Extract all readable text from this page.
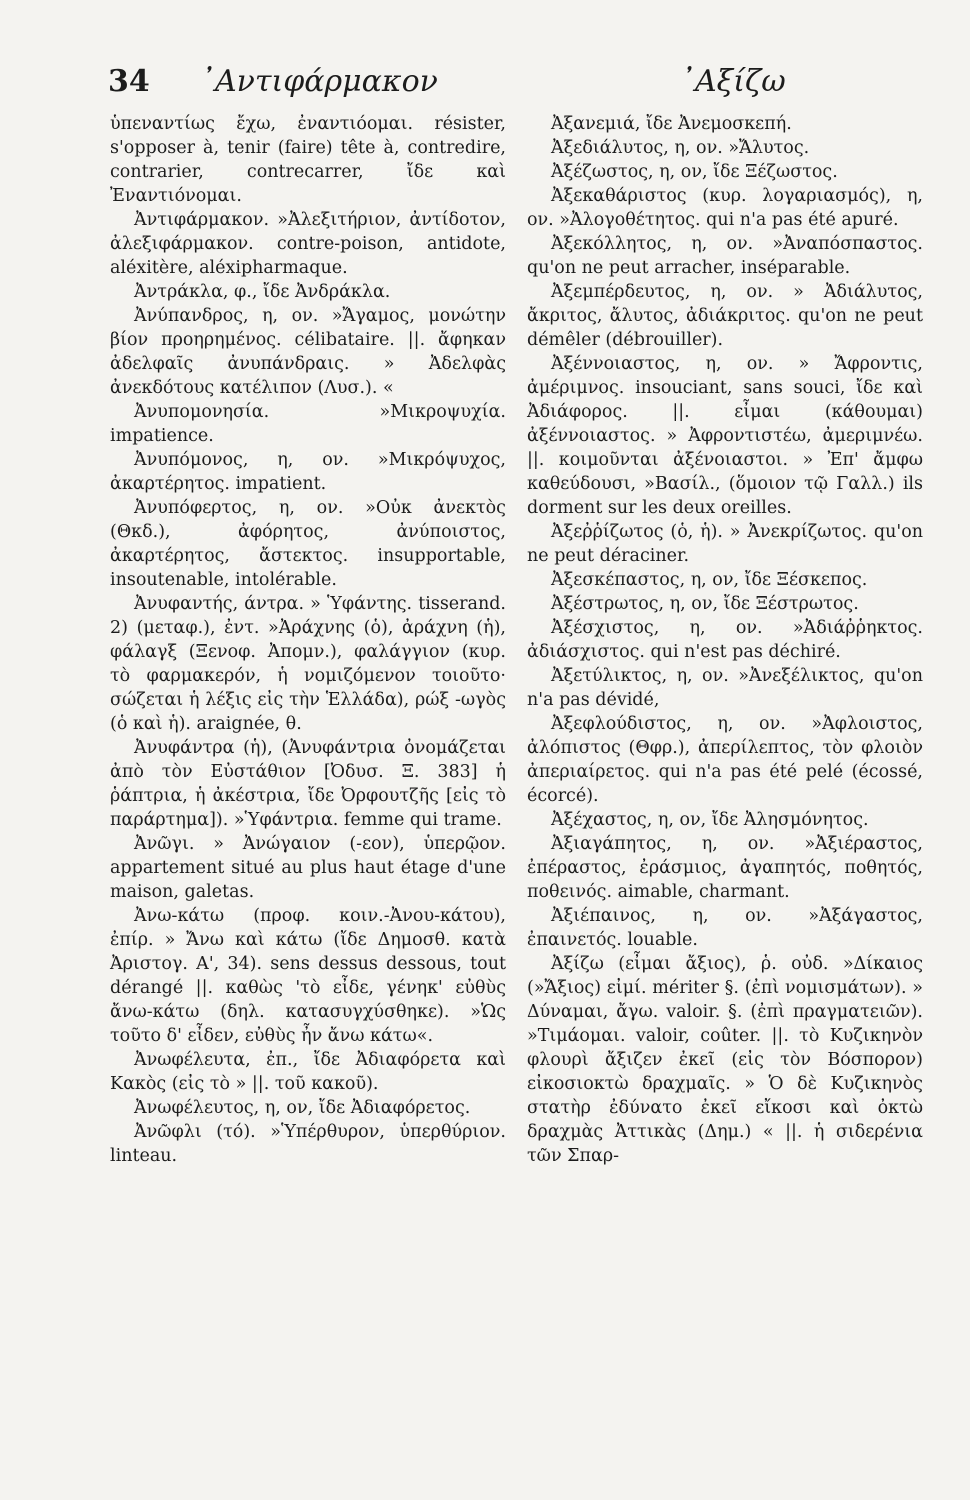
34 ᾽Αντιφάρμακον	᾽Αξίζω

ὑπεναντίως ἔχω, ἐναντιόομαι. résister, s'opposer à, tenir (faire) tête à, contredire, contrarier, contrecarrer, ἴδε καὶ Ἐναντιόνομαι.

Ἀντιφάρμακον. »Ἀλεξιτήριον, ἀντίδοτον, ἀλεξιφάρμακον. contre-poison, antidote, aléxitère, aléxipharmaque.

Ἀντράκλα, φ., ἴδε Ἀνδράκλα.

Ἀνύπανδρος, η, ον. »Ἄγαμος, μονώτην βίον προηρημένος. célibataire. ||. ἄφηκαν ἀδελφαῖς ἀνυπάνδραις. » Ἀδελφὰς ἀνεκδότους κατέλιπον (Λυσ.). «

Ἀνυπομονησία. »Μικροψυχία. impatience.

Ἀνυπόμονος, η, ον. »Μικρόψυχος, ἀκαρτέρητος. impatient.

Ἀνυπόφερτος, η, ον. »Οὐκ ἀνεκτὸς (Θκδ.), ἀφόρητος, ἀνύποιστος, ἀκαρτέρητος, ἄστεκτος. insupportable, insoutenable, intolérable.

Ἀνυφαντής, άντρα. » Ὑφάντης. tisserand. 2) (μεταφ.), ἐντ. »Ἀράχνης (ὁ), ἀράχνη (ἡ), φάλαγξ (Ξενοφ. Ἀπομν.), φαλάγγιον (κυρ. τὸ φαρμακερόν, ἡ νομιζόμενον τοιοῦτο· σώζεται ἡ λέξις εἰς τὴν Ἑλλάδα), ρώξ -ωγὸς (ὁ καὶ ἡ). araignée, θ.

Ἀνυφάντρα (ἡ), (Ἀνυφάντρια ὀνομάζεται ἀπὸ τὸν Εὐστάθιον [Ὀδυσ. Ξ. 383] ἡ ῥάπτρια, ἡ ἀκέστρια, ἴδε Ὀρφουτζῆς [εἰς τὸ παράρτημα]). »Ὑφάντρια. femme qui trame.

Ἀνῶγι. » Ἀνώγαιον (-εον), ὑπερῷον. appartement situé au plus haut étage d'une maison, galetas.

Ἀνω-κάτω (προφ. κοιν.-Ἀνου-κάτου), ἐπίρ. » Ἄνω καὶ κάτω (ἴδε Δημοσθ. κατὰ Ἀριστογ. Α', 34). sens dessus dessous, tout dérangé ||. καθὼς 'τὸ εἶδε, γένηκ' εὐθὺς ἄνω-κάτω (δηλ. κατασυγχύσθηκε). »Ὡς τοῦτο δ' εἶδεν, εὐθὺς ἦν ἄνω κάτω«.

Ἀνωφέλευτα, ἐπ., ἴδε Ἀδιαφόρετα καὶ Κακὸς (εἰς τὸ » ||. τοῦ κακοῦ).

Ἀνωφέλευτος, η, ον, ἴδε Ἀδιαφόρετος.

Ἀνῶφλι (τό). »Ὑπέρθυρον, ὑπερθύριον. linteau.

Ἀξανεμιά, ἴδε Ἀνεμοσκεπή.

Ἀξεδιάλυτος, η, ον. »Ἄλυτος.

Ἀξέζωστος, η, ον, ἴδε Ξέζωστος.

Ἀξεκαθάριστος (κυρ. λογαριασμός), η, ον. »Ἀλογοθέτητος. qui n'a pas été apuré.

Ἀξεκόλλητος, η, ον. »Ἀναπόσπαστος. qu'on ne peut arracher, inséparable.

Ἀξεμπέρδευτος, η, ον. » Ἀδιάλυτος, ἄκριτος, ἄλυτος, ἀδιάκριτος. qu'on ne peut démêler (débrouiller).

Ἀξέννοιαστος, η, ον. » Ἄφροντις, ἀμέριμνος. insouciant, sans souci, ἴδε καὶ Ἀδιάφορος. ||. εἶμαι (κάθουμαι) ἀξέννοιαστος. » Ἀφροντιστέω, ἀμεριμνέω. ||. κοιμοῦνται ἀξένοιαστοι. » Ἐπ' ἄμφω καθεύδουσι, »Βασίλ., (ὅμοιον τῷ Γαλλ.) ils dorment sur les deux oreilles.

Ἀξεῤῥίζωτος (ὁ, ἡ). » Ἀνεκρίζωτος. qu'on ne peut déraciner.

Ἀξεσκέπαστος, η, ον, ἴδε Ξέσκεπος.

Ἀξέστρωτος, η, ον, ἴδε Ξέστρωτος.

Ἀξέσχιστος, η, ον. »Ἀδιάῤῥηκτος. ἀδιάσχιστος. qui n'est pas déchiré.

Ἀξετύλικτος, η, ον. »Ἀνεξέλικτος, qu'on n'a pas dévidé,

Ἀξεφλούδιστος, η, ον. »Ἀφλοιστος, ἀλόπιστος (Θφρ.), ἀπερίλεπτος, τὸν φλοιὸν ἀπεριαίρετος. qui n'a pas été pelé (écossé, écorcé).

Ἀξέχαστος, η, ον, ἴδε Ἀλησμόνητος.

Ἀξιαγάπητος, η, ον. »Ἀξιέραστος, ἐπέραστος, ἐράσμιος, ἀγαπητός, ποθητός, ποθεινός. aimable, charmant.

Ἀξιέπαινος, η, ον. »Ἀξάγαστος, ἐπαινετός. louable.

Ἀξίζω (εἶμαι ἄξιος), ῥ. οὐδ. »Δίκαιος (»Ἄξιος) εἰμί. mériter §. (ἐπὶ νομισμάτων). » Δύναμαι, ἄγω. valoir. §. (ἐπὶ πραγματειῶν). »Τιμάομαι. valoir, coûter. ||. τὸ Κυζικηνὸν φλουρὶ ἄξιζεν ἐκεῖ (εἰς τὸν Βόσπορον) εἰκοσιοκτὼ δραχμαῖς. » Ὁ δὲ Κυζικηνὸς στατὴρ ἐδύνατο ἐκεῖ εἴκοσι καὶ ὀκτὼ δραχμὰς Ἀττικὰς (Δημ.) « ||. ἡ σιδερένια τῶν Σπαρ-
